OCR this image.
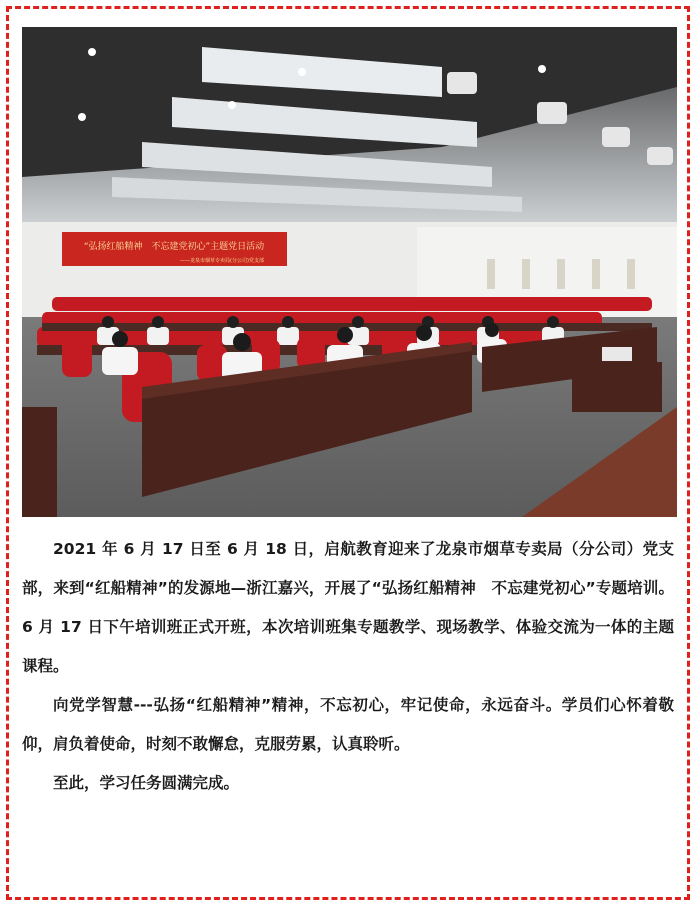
“弘扬红船精神　不忘建党初心”主题党日活动
——龙泉市烟草专卖局(分公司)党支部

2021 年 6 月 17 日至 6 月 18 日，启航教育迎来了龙泉市烟草专卖局（分公司）党支部，来到“红船精神”的发源地—浙江嘉兴，开展了“弘扬红船精神　不忘建党初心”专题培训。6 月 17 日下午培训班正式开班，本次培训班集专题教学、现场教学、体验交流为一体的主题课程。

向党学智慧---弘扬“红船精神”精神，不忘初心，牢记使命，永远奋斗。学员们心怀着敬仰，肩负着使命，时刻不敢懈怠，克服劳累，认真聆听。

至此，学习任务圆满完成。
